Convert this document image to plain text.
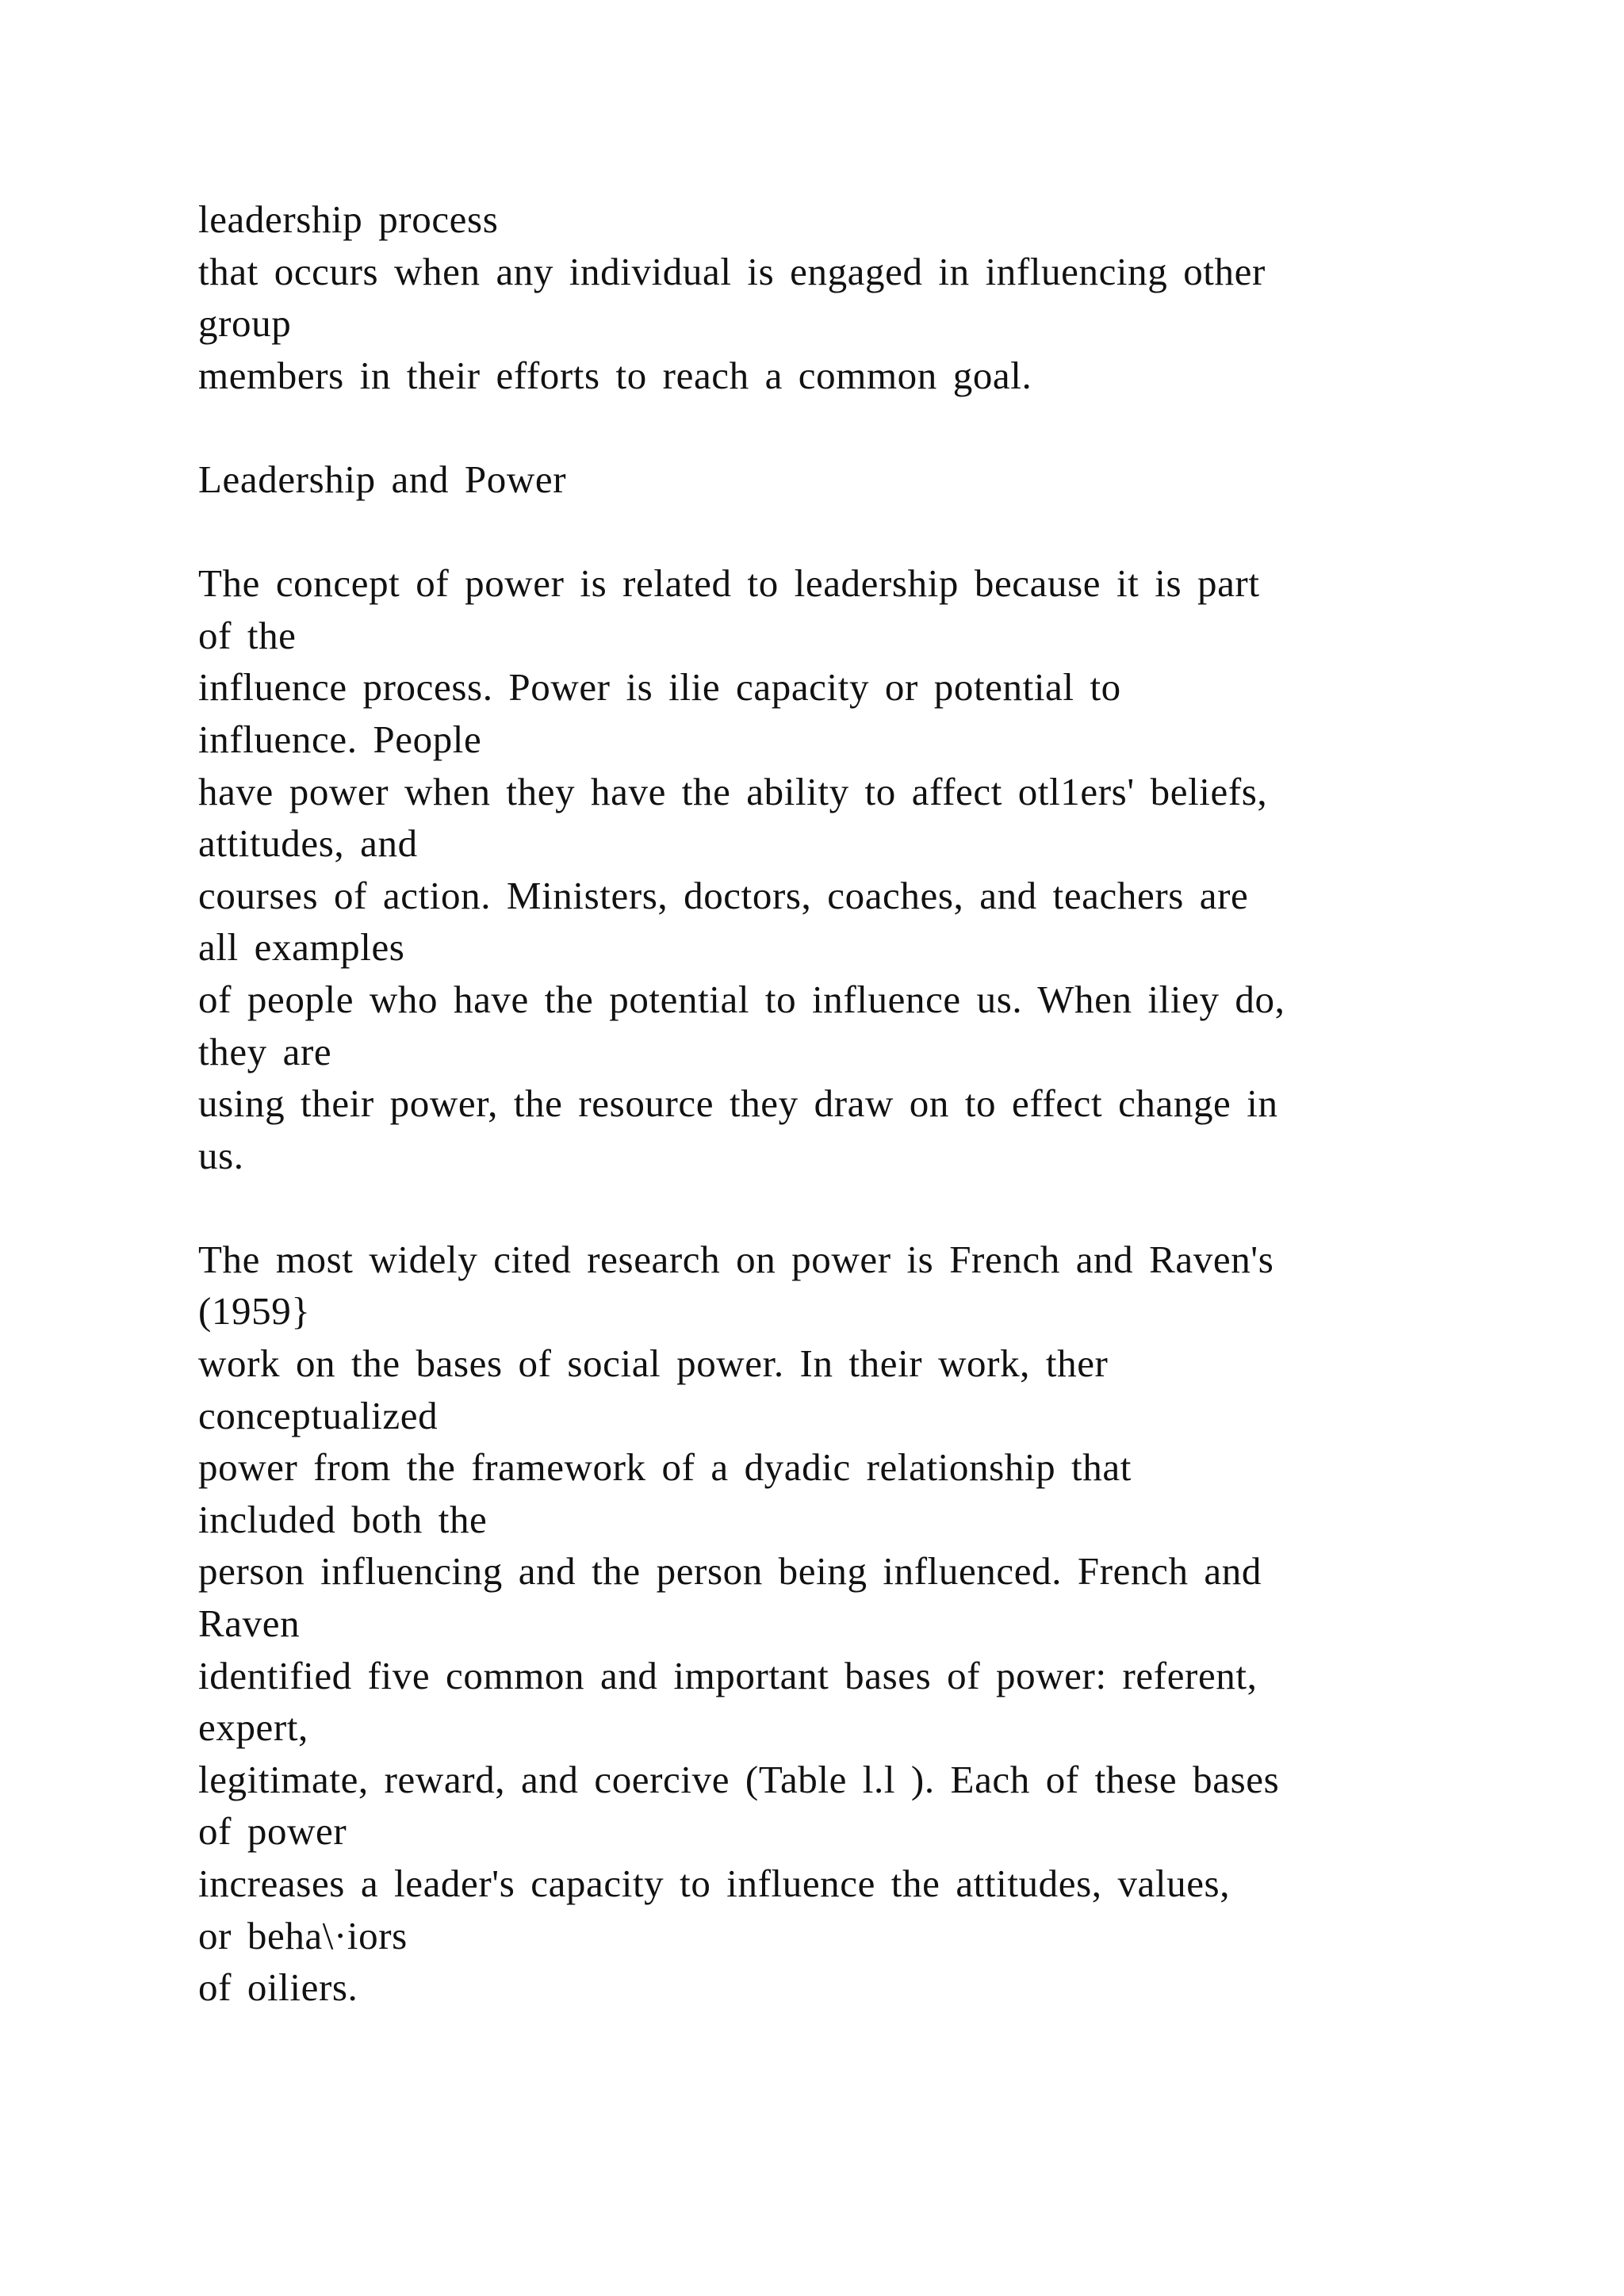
leadership process
that occurs when any individual is engaged in influencing other
group
members in their efforts to reach a common goal.
Leadership and Power
The concept of power is related to leadership because it is part
of the
influence process. Power is ilie capacity or potential to
influence. People
have power when they have the ability to affect otl1ers' beliefs,
attitudes, and
courses of action. Ministers, doctors, coaches, and teachers are
all examples
of people who have the potential to influence us. When iliey do,
they are
using their power, the resource they draw on to effect change in
us.
The most widely cited research on power is French and Raven's
(1959}
work on the bases of social power. In their work, ther
conceptualized
power from the framework of a dyadic relationship that
included both the
person influencing and the person being influenced. French and
Raven
identified five common and important bases of power: referent,
expert,
legitimate, reward, and coercive (Table l.l ). Each of these bases
of power
increases a leader's capacity to influence the attitudes, values,
or beha\·iors
of oiliers.
